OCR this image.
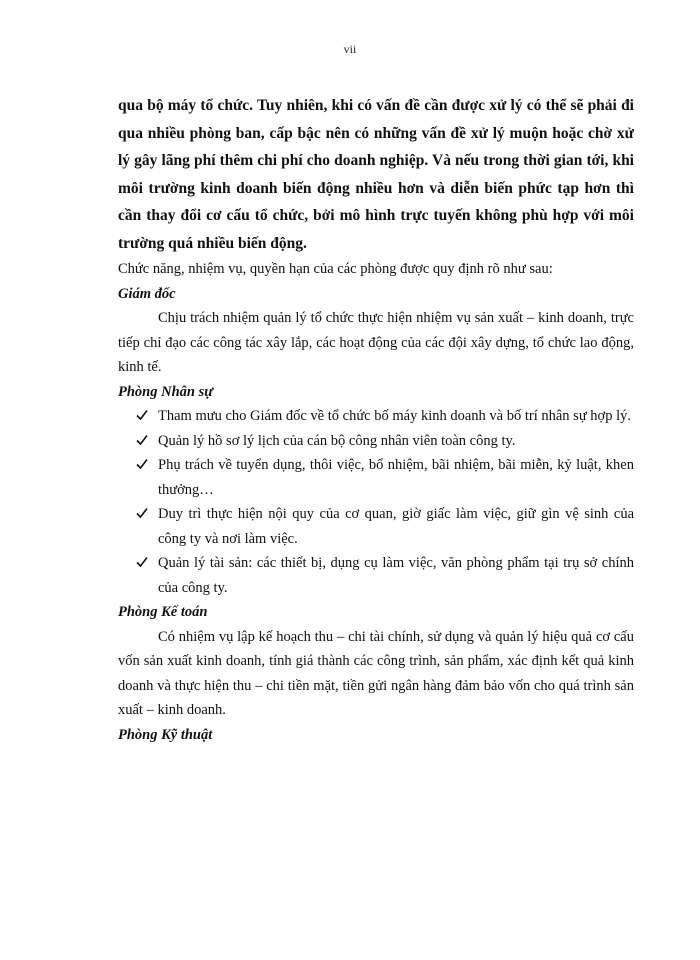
vii

qua bộ máy tổ chức. Tuy nhiên, khi có vấn đề cần được xử lý có thể sẽ phải đi qua nhiều phòng ban, cấp bậc nên có những vấn đề xử lý muộn hoặc chờ xử lý gây lãng phí thêm chi phí cho doanh nghiệp. Và nếu trong thời gian tới, khi môi trường kinh doanh biến động nhiều hơn và diễn biến phức tạp hơn thì cần thay đổi cơ cấu tổ chức, bởi mô hình trực tuyến không phù hợp với môi trường quá nhiều biến động.

Chức năng, nhiệm vụ, quyền hạn của các phòng được quy định rõ như sau:

Giám đốc

Chịu trách nhiệm quản lý tổ chức thực hiện nhiệm vụ sản xuất – kinh doanh, trực tiếp chỉ đạo các công tác xây lắp, các hoạt động của các đội xây dựng, tổ chức lao động, kinh tế.

Phòng Nhân sự

Tham mưu cho Giám đốc về tổ chức bố máy kinh doanh và bố trí nhân sự hợp lý.
Quản lý hồ sơ lý lịch của cán bộ công nhân viên toàn công ty.
Phụ trách về tuyển dụng, thôi việc, bổ nhiệm, bãi nhiệm, bãi miễn, kỷ luật, khen thưởng…
Duy trì thực hiện nội quy của cơ quan, giờ giấc làm việc, giữ gìn vệ sinh của công ty và nơi làm việc.
Quản lý tài sản: các thiết bị, dụng cụ làm việc, văn phòng phẩm tại trụ sở chính của công ty.

Phòng Kế toán

Có nhiệm vụ lập kế hoạch thu – chi tài chính, sử dụng và quản lý hiệu quả cơ cấu vốn sản xuất kinh doanh, tính giá thành các công trình, sản phẩm, xác định kết quả kinh doanh và thực hiện thu – chi tiền mặt, tiền gửi ngân hàng đảm bảo vốn cho quá trình sản xuất – kinh doanh.

Phòng Kỹ thuật
